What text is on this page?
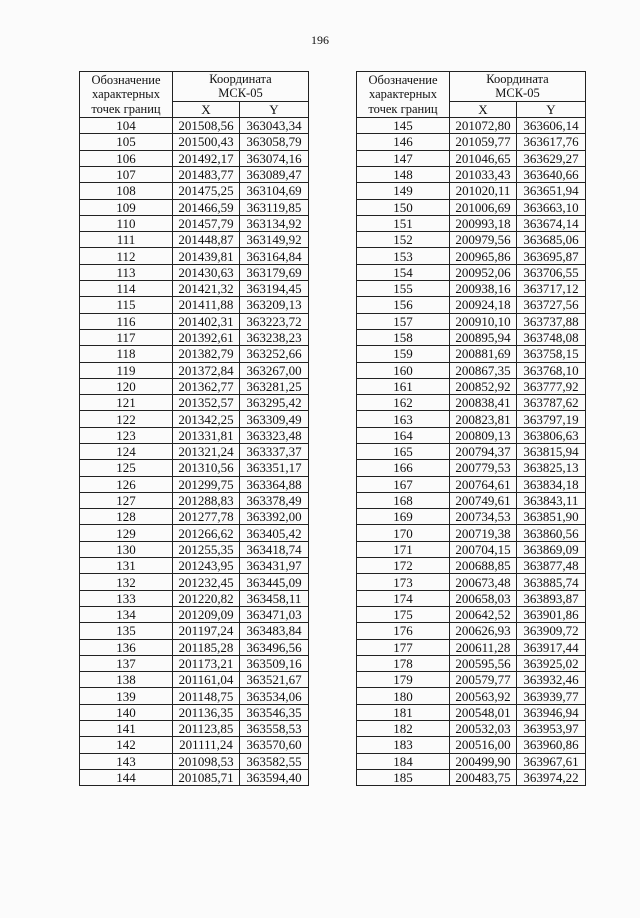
196
Обозначение
характерных
точек границ	Координата
МСК-05	
	X	Y
104	201508,56	363043,34
105	201500,43	363058,79
106	201492,17	363074,16
107	201483,77	363089,47
108	201475,25	363104,69
109	201466,59	363119,85
110	201457,79	363134,92
111	201448,87	363149,92
112	201439,81	363164,84
113	201430,63	363179,69
114	201421,32	363194,45
115	201411,88	363209,13
116	201402,31	363223,72
117	201392,61	363238,23
118	201382,79	363252,66
119	201372,84	363267,00
120	201362,77	363281,25
121	201352,57	363295,42
122	201342,25	363309,49
123	201331,81	363323,48
124	201321,24	363337,37
125	201310,56	363351,17
126	201299,75	363364,88
127	201288,83	363378,49
128	201277,78	363392,00
129	201266,62	363405,42
130	201255,35	363418,74
131	201243,95	363431,97
132	201232,45	363445,09
133	201220,82	363458,11
134	201209,09	363471,03
135	201197,24	363483,84
136	201185,28	363496,56
137	201173,21	363509,16
138	201161,04	363521,67
139	201148,75	363534,06
140	201136,35	363546,35
141	201123,85	363558,53
142	201111,24	363570,60
143	201098,53	363582,55
144	201085,71	363594,40
Обозначение
характерных
точек границ	Координата
МСК-05	
	X	Y
145	201072,80	363606,14
146	201059,77	363617,76
147	201046,65	363629,27
148	201033,43	363640,66
149	201020,11	363651,94
150	201006,69	363663,10
151	200993,18	363674,14
152	200979,56	363685,06
153	200965,86	363695,87
154	200952,06	363706,55
155	200938,16	363717,12
156	200924,18	363727,56
157	200910,10	363737,88
158	200895,94	363748,08
159	200881,69	363758,15
160	200867,35	363768,10
161	200852,92	363777,92
162	200838,41	363787,62
163	200823,81	363797,19
164	200809,13	363806,63
165	200794,37	363815,94
166	200779,53	363825,13
167	200764,61	363834,18
168	200749,61	363843,11
169	200734,53	363851,90
170	200719,38	363860,56
171	200704,15	363869,09
172	200688,85	363877,48
173	200673,48	363885,74
174	200658,03	363893,87
175	200642,52	363901,86
176	200626,93	363909,72
177	200611,28	363917,44
178	200595,56	363925,02
179	200579,77	363932,46
180	200563,92	363939,77
181	200548,01	363946,94
182	200532,03	363953,97
183	200516,00	363960,86
184	200499,90	363967,61
185	200483,75	363974,22
